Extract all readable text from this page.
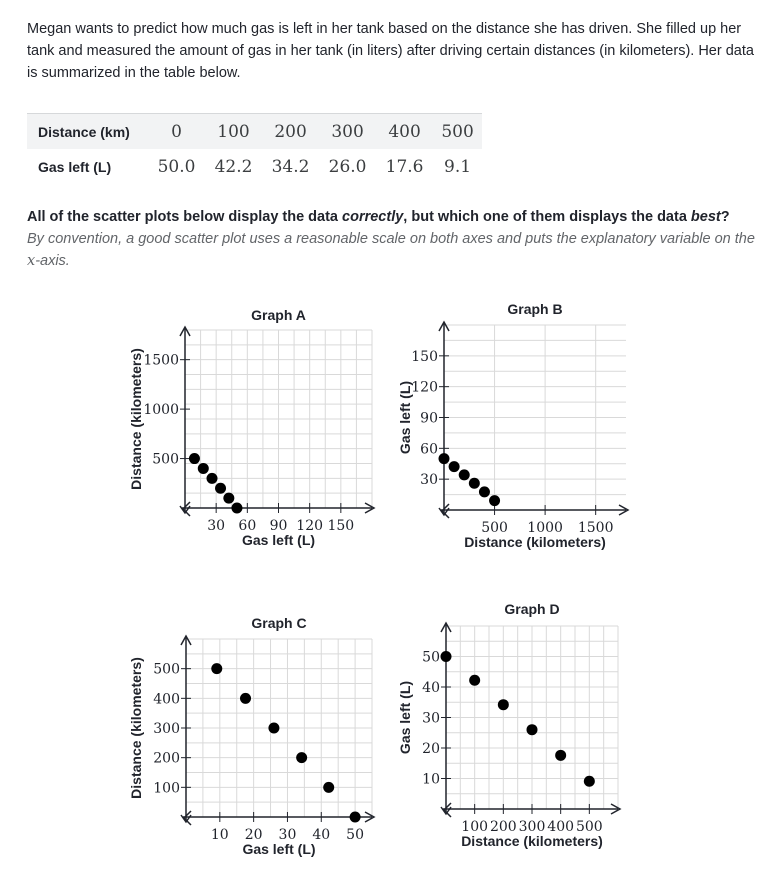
Megan wants to predict how much gas is left in her tank based on the distance she has driven. She filled up her tank and measured the amount of gas in her tank (in liters) after driving certain distances (in kilometers). Her data is summarized in the table below.

Distance (km)	0	100	200	300	400	500
Gas left (L)	50.0	42.2	34.2	26.0	17.6	9.1

All of the scatter plots below display the data correctly, but which one of them displays the data best?
By convention, a good scatter plot uses a reasonable scale on both axes and puts the explanatory variable on the x-axis.

30 60 90 120 150
500
1000
1500
Graph A
Gas left (L)
Distance (kilometers)
500 1000 1500
30
60
90
120
150
Graph B
Distance (kilometers)
Gas left (L)
10 20 30 40 50
100
200
300
400
500
Graph C
Gas left (L)
Distance (kilometers)
100 200 300 400 500
10
20
30
40
50
Graph D
Distance (kilometers)
Gas left (L)
